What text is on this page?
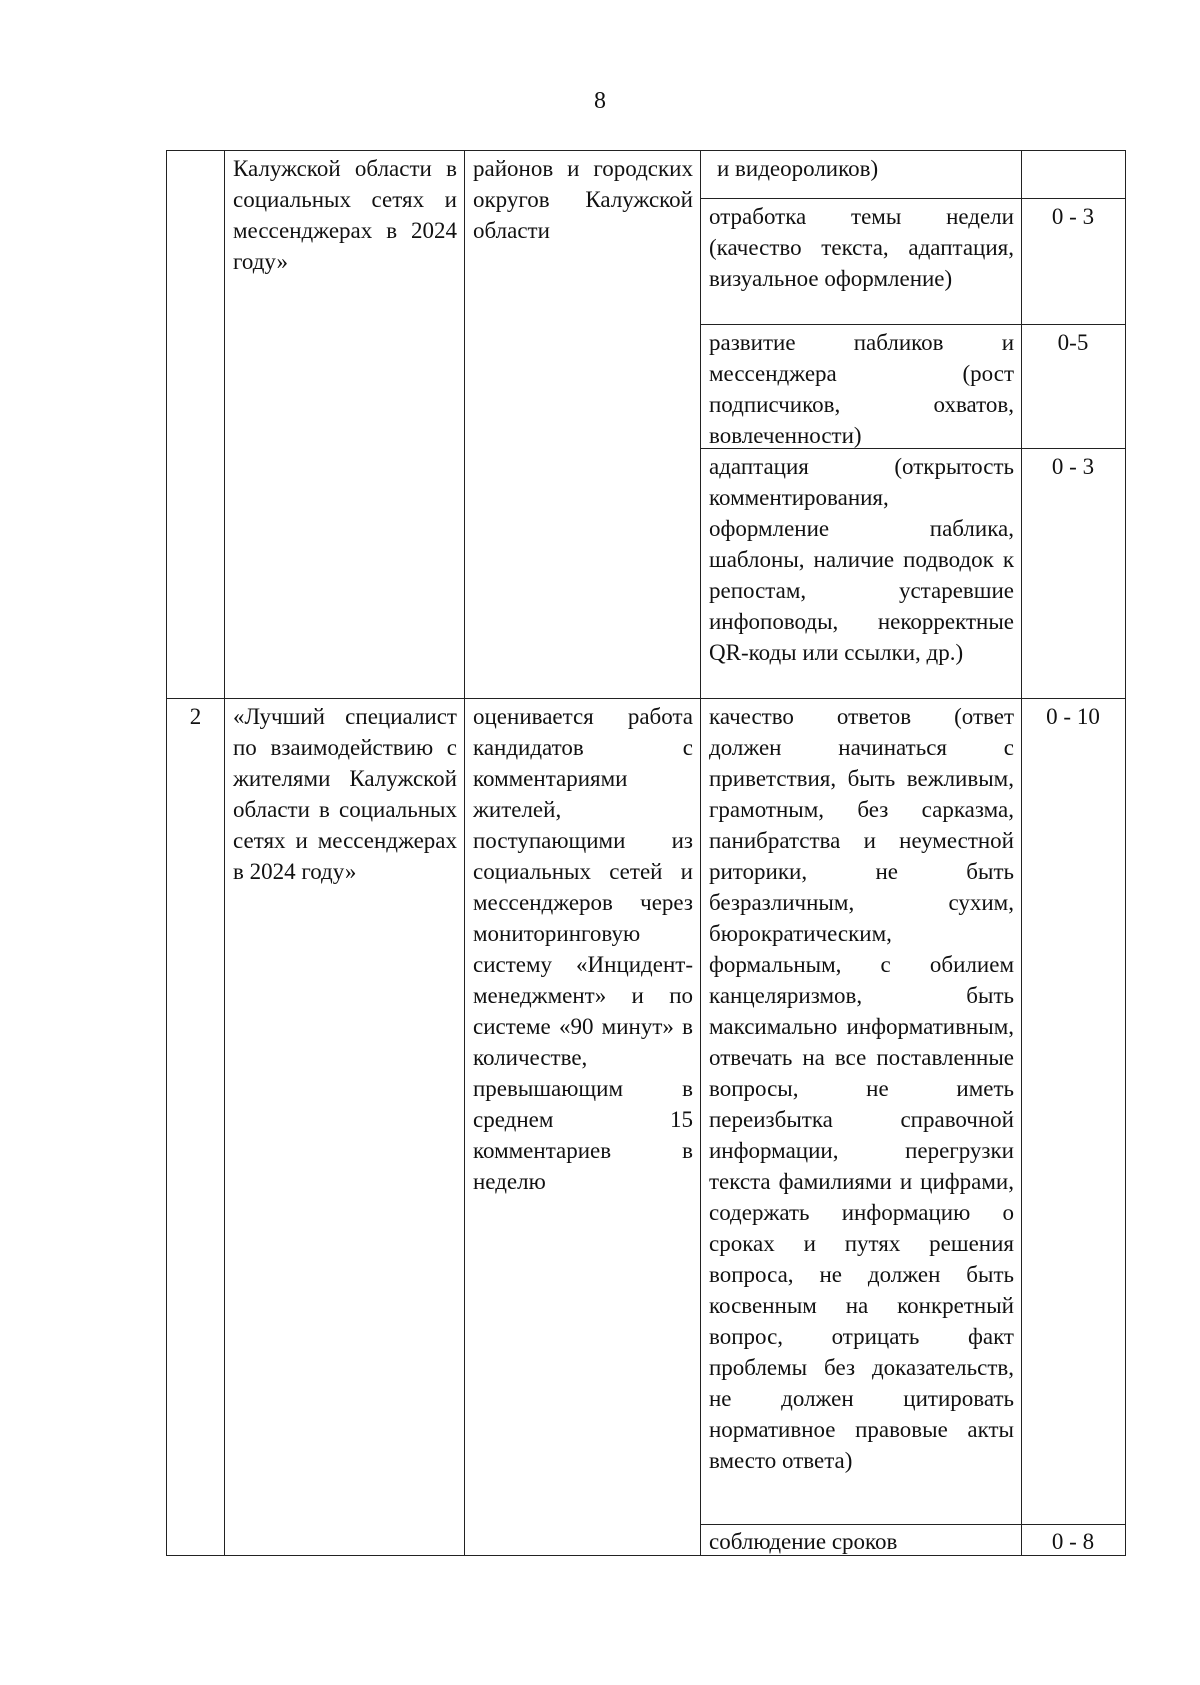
8

Калужской области в социальных сетях и мессенджерах в 2024 году»

районов и городских округов Калужской области

и видеороликов)

отработка темы недели (качество текста, адаптация, визуальное оформление)

0 - 3

развитие пабликов и мессенджера (рост подписчиков, охватов, вовлеченности)

0-5

адаптация (открытость комментирования, оформление паблика, шаблоны, наличие подводок к репостам, устаревшие инфоповоды, некорректные QR-коды или ссылки, др.)

0 - 3
2	«Лучший специалист по взаимодействию с жителями Калужской области в социальных сетях и мессенджерах в 2024 году»

оценивается работа кандидатов с комментариями жителей, поступающими из социальных сетей и мессенджеров через мониторинговую систему «Инцидент-менеджмент» и по системе «90 минут» в количестве, превышающим в среднем 15 комментариев в неделю

качество ответов (ответ должен начинаться с приветствия, быть вежливым, грамотным, без сарказма, панибратства и неуместной риторики, не быть безразличным, сухим, бюрократическим, формальным, с обилием канцеляризмов, быть максимально информативным, отвечать на все поставленные вопросы, не иметь переизбытка справочной информации, перегрузки текста фамилиями и цифрами, содержать информацию о сроках и путях решения вопроса, не должен быть косвенным на конкретный вопрос, отрицать факт проблемы без доказательств, не должен цитировать нормативное правовые акты вместо ответа)

0 - 10

соблюдение сроков	0 - 8
